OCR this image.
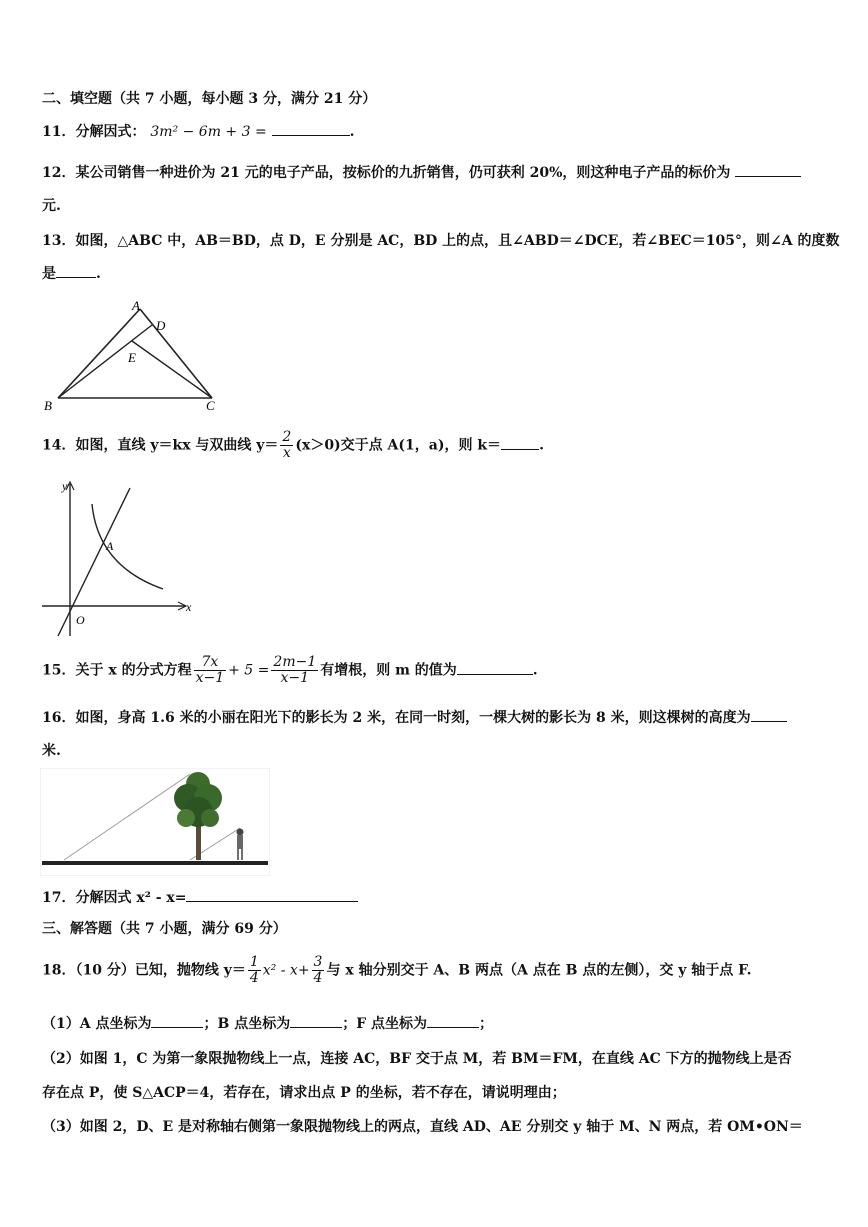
二、填空题（共 7 小题，每小题 3 分，满分 21 分）
11．分解因式： 3m² − 6m + 3 =	.
12．某公司销售一种进价为 21 元的电子产品，按标价的九折销售，仍可获利 20%，则这种电子产品的标价为
元.
13．如图，△ABC 中，AB＝BD，点 D，E 分别是 AC，BD 上的点，且∠ABD＝∠DCE，若∠BEC＝105°，则∠A 的度数
是	.
A
D
E
B	C
14．如图，直线 y＝kx 与双曲线 $y= \frac{2}{x} (x>0)$交于点 A(1，a)，则 k＝	.
y
x
O
A
15．关于 x 的分式方程 $\frac{7x}{x-1} + 5 = \frac{2m-1}{x-1}$ 有增根，则 m 的值为	.
16．如图，身高 1.6 米的小丽在阳光下的影长为 2 米，在同一时刻，一棵大树的影长为 8 米，则这棵树的高度为
米.
17．分解因式 x² - x=
三、解答题（共 7 小题，满分 69 分）
18．（10 分）已知，抛物线 $y= \frac{1}{4} x^2 - x+ \frac{3}{4}$ 与 x 轴分别交于 A、B 两点（A 点在 B 点的左侧），交 y 轴于点 F.
（1）A 点坐标为	；B 点坐标为	；F 点坐标为	；
（2）如图 1，C 为第一象限抛物线上一点，连接 AC，BF 交于点 M，若 BM＝FM，在直线 AC 下方的抛物线上是否
存在点 P，使 S△ACP＝4，若存在，请求出点 P 的坐标，若不存在，请说明理由；
（3）如图 2，D、E 是对称轴右侧第一象限抛物线上的两点，直线 AD、AE 分别交 y 轴于 M、N 两点，若 OM•ON＝
